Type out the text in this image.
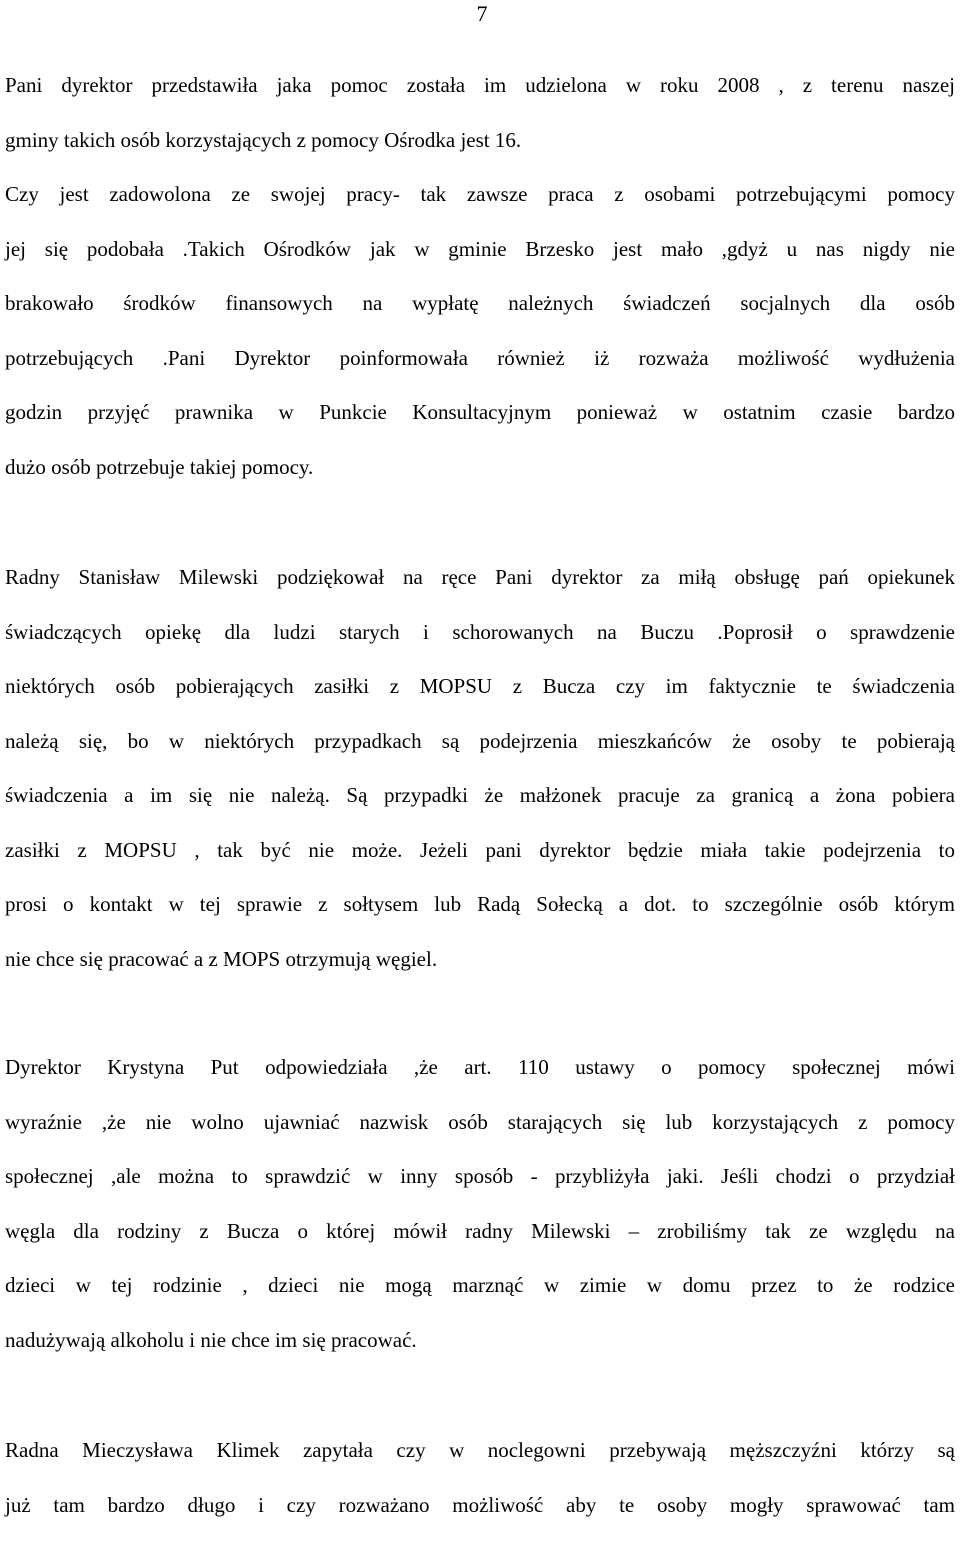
7
Pani dyrektor przedstawiła jaka pomoc została im udzielona w roku 2008 , z terenu naszej
gminy takich osób korzystających z pomocy Ośrodka jest 16.
Czy jest zadowolona ze swojej pracy- tak zawsze praca z osobami potrzebującymi pomocy
jej się podobała .Takich Ośrodków jak w gminie Brzesko jest mało ,gdyż u nas nigdy nie
brakowało środków finansowych na wypłatę należnych świadczeń socjalnych dla osób
potrzebujących .Pani Dyrektor poinformowała również iż rozważa możliwość wydłużenia
godzin przyjęć prawnika w Punkcie Konsultacyjnym ponieważ w ostatnim czasie bardzo
dużo osób potrzebuje takiej pomocy.
Radny Stanisław Milewski podziękował na ręce Pani dyrektor za miłą obsługę pań opiekunek
świadczących opiekę dla ludzi starych i schorowanych na Buczu .Poprosił o sprawdzenie
niektórych osób pobierających zasiłki z MOPSU z Bucza czy im faktycznie te świadczenia
należą się, bo w niektórych przypadkach są podejrzenia mieszkańców że osoby te pobierają
świadczenia a im się nie należą. Są przypadki że małżonek pracuje za granicą a żona pobiera
zasiłki z MOPSU , tak być nie może. Jeżeli pani dyrektor będzie miała takie podejrzenia to
prosi o kontakt w tej sprawie z sołtysem lub Radą Sołecką a dot. to szczególnie osób którym
nie chce się pracować a z MOPS otrzymują węgiel.
Dyrektor Krystyna Put odpowiedziała ,że art. 110 ustawy o pomocy społecznej mówi
wyraźnie ,że nie wolno ujawniać nazwisk osób starających się lub korzystających z pomocy
społecznej ,ale można to sprawdzić w inny sposób - przybliżyła jaki. Jeśli chodzi o przydział
węgla dla rodziny z Bucza o której mówił radny Milewski – zrobiliśmy tak ze względu na
dzieci w tej rodzinie , dzieci nie mogą marznąć w zimie w domu przez to że rodzice
nadużywają alkoholu i nie chce im się pracować.
Radna Mieczysława Klimek zapytała czy w noclegowni przebywają męższczyźni którzy są
już tam bardzo długo i czy rozważano możliwość aby te osoby mogły sprawować tam
